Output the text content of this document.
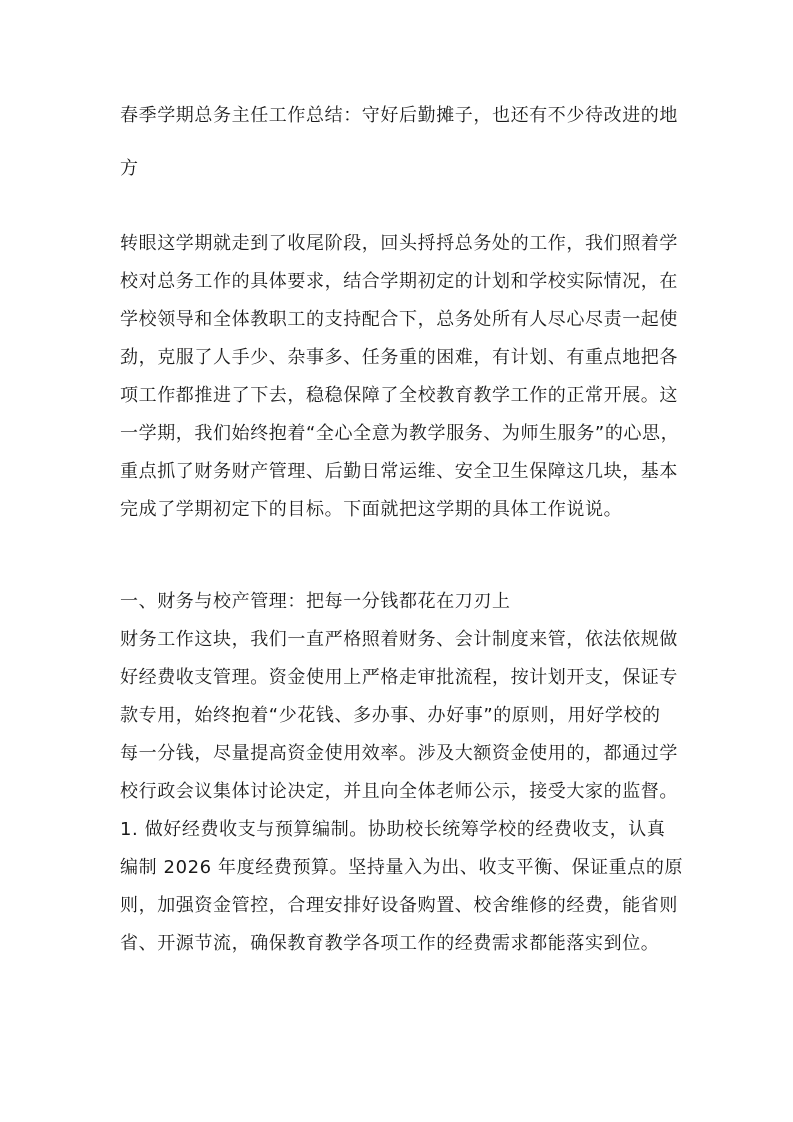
春季学期总务主任工作总结：守好后勤摊子，也还有不少待改进的地

方

转眼这学期就走到了收尾阶段，回头捋捋总务处的工作，我们照着学

校对总务工作的具体要求，结合学期初定的计划和学校实际情况，在

学校领导和全体教职工的支持配合下，总务处所有人尽心尽责一起使

劲，克服了人手少、杂事多、任务重的困难，有计划、有重点地把各

项工作都推进了下去，稳稳保障了全校教育教学工作的正常开展。这

一学期，我们始终抱着“全心全意为教学服务、为师生服务”的心思，

重点抓了财务财产管理、后勤日常运维、安全卫生保障这几块，基本

完成了学期初定下的目标。下面就把这学期的具体工作说说。

一、财务与校产管理：把每一分钱都花在刀刃上

财务工作这块，我们一直严格照着财务、会计制度来管，依法依规做

好经费收支管理。资金使用上严格走审批流程，按计划开支，保证专

款专用，始终抱着“少花钱、多办事、办好事”的原则，用好学校的

每一分钱，尽量提高资金使用效率。涉及大额资金使用的，都通过学

校行政会议集体讨论决定，并且向全体老师公示，接受大家的监督。

1. 做好经费收支与预算编制。协助校长统筹学校的经费收支，认真

编制 2026 年度经费预算。坚持量入为出、收支平衡、保证重点的原

则，加强资金管控，合理安排好设备购置、校舍维修的经费，能省则

省、开源节流，确保教育教学各项工作的经费需求都能落实到位。
